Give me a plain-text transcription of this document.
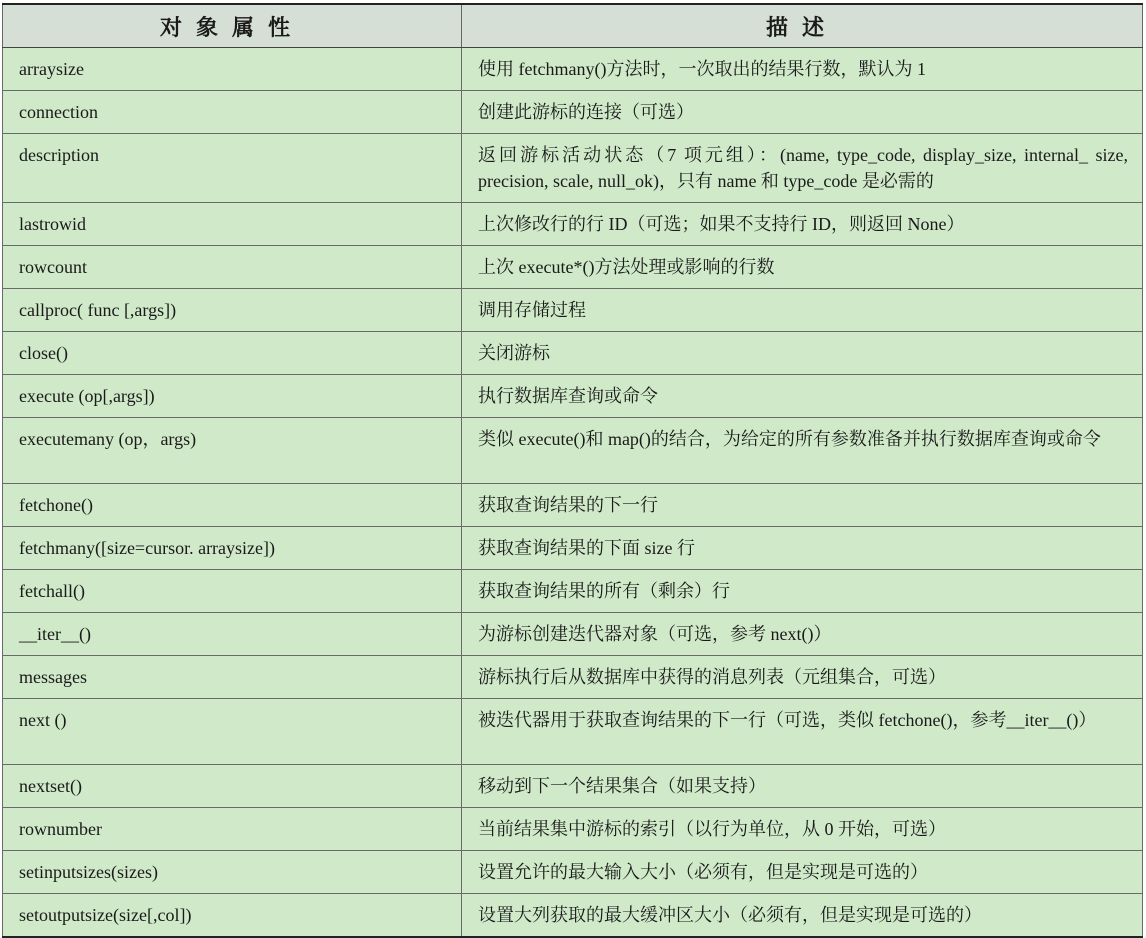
对象属性	描述
arraysize	使用 fetchmany()方法时，一次取出的结果行数，默认为 1
connection	创建此游标的连接（可选）
description	返回游标活动状态（7 项元组）：(name, type_code, display_size, internal_ size, precision, scale, null_ok)，只有 name 和 type_code 是必需的
lastrowid	上次修改行的行 ID（可选；如果不支持行 ID，则返回 None）
rowcount	上次 execute*()方法处理或影响的行数
callproc( func [,args])	调用存储过程
close()	关闭游标
execute (op[,args])	执行数据库查询或命令
executemany (op，args)	类似 execute()和 map()的结合，为给定的所有参数准备并执行数据库查询或命令
fetchone()	获取查询结果的下一行
fetchmany([size=cursor. arraysize])	获取查询结果的下面 size 行
fetchall()	获取查询结果的所有（剩余）行
__iter__()	为游标创建迭代器对象（可选，参考 next()）
messages	游标执行后从数据库中获得的消息列表（元组集合，可选）
next ()	被迭代器用于获取查询结果的下一行（可选，类似 fetchone()，参考__iter__()）
nextset()	移动到下一个结果集合（如果支持）
rownumber	当前结果集中游标的索引（以行为单位，从 0 开始，可选）
setinputsizes(sizes)	设置允许的最大输入大小（必须有，但是实现是可选的）
setoutputsize(size[,col])	设置大列获取的最大缓冲区大小（必须有，但是实现是可选的）
